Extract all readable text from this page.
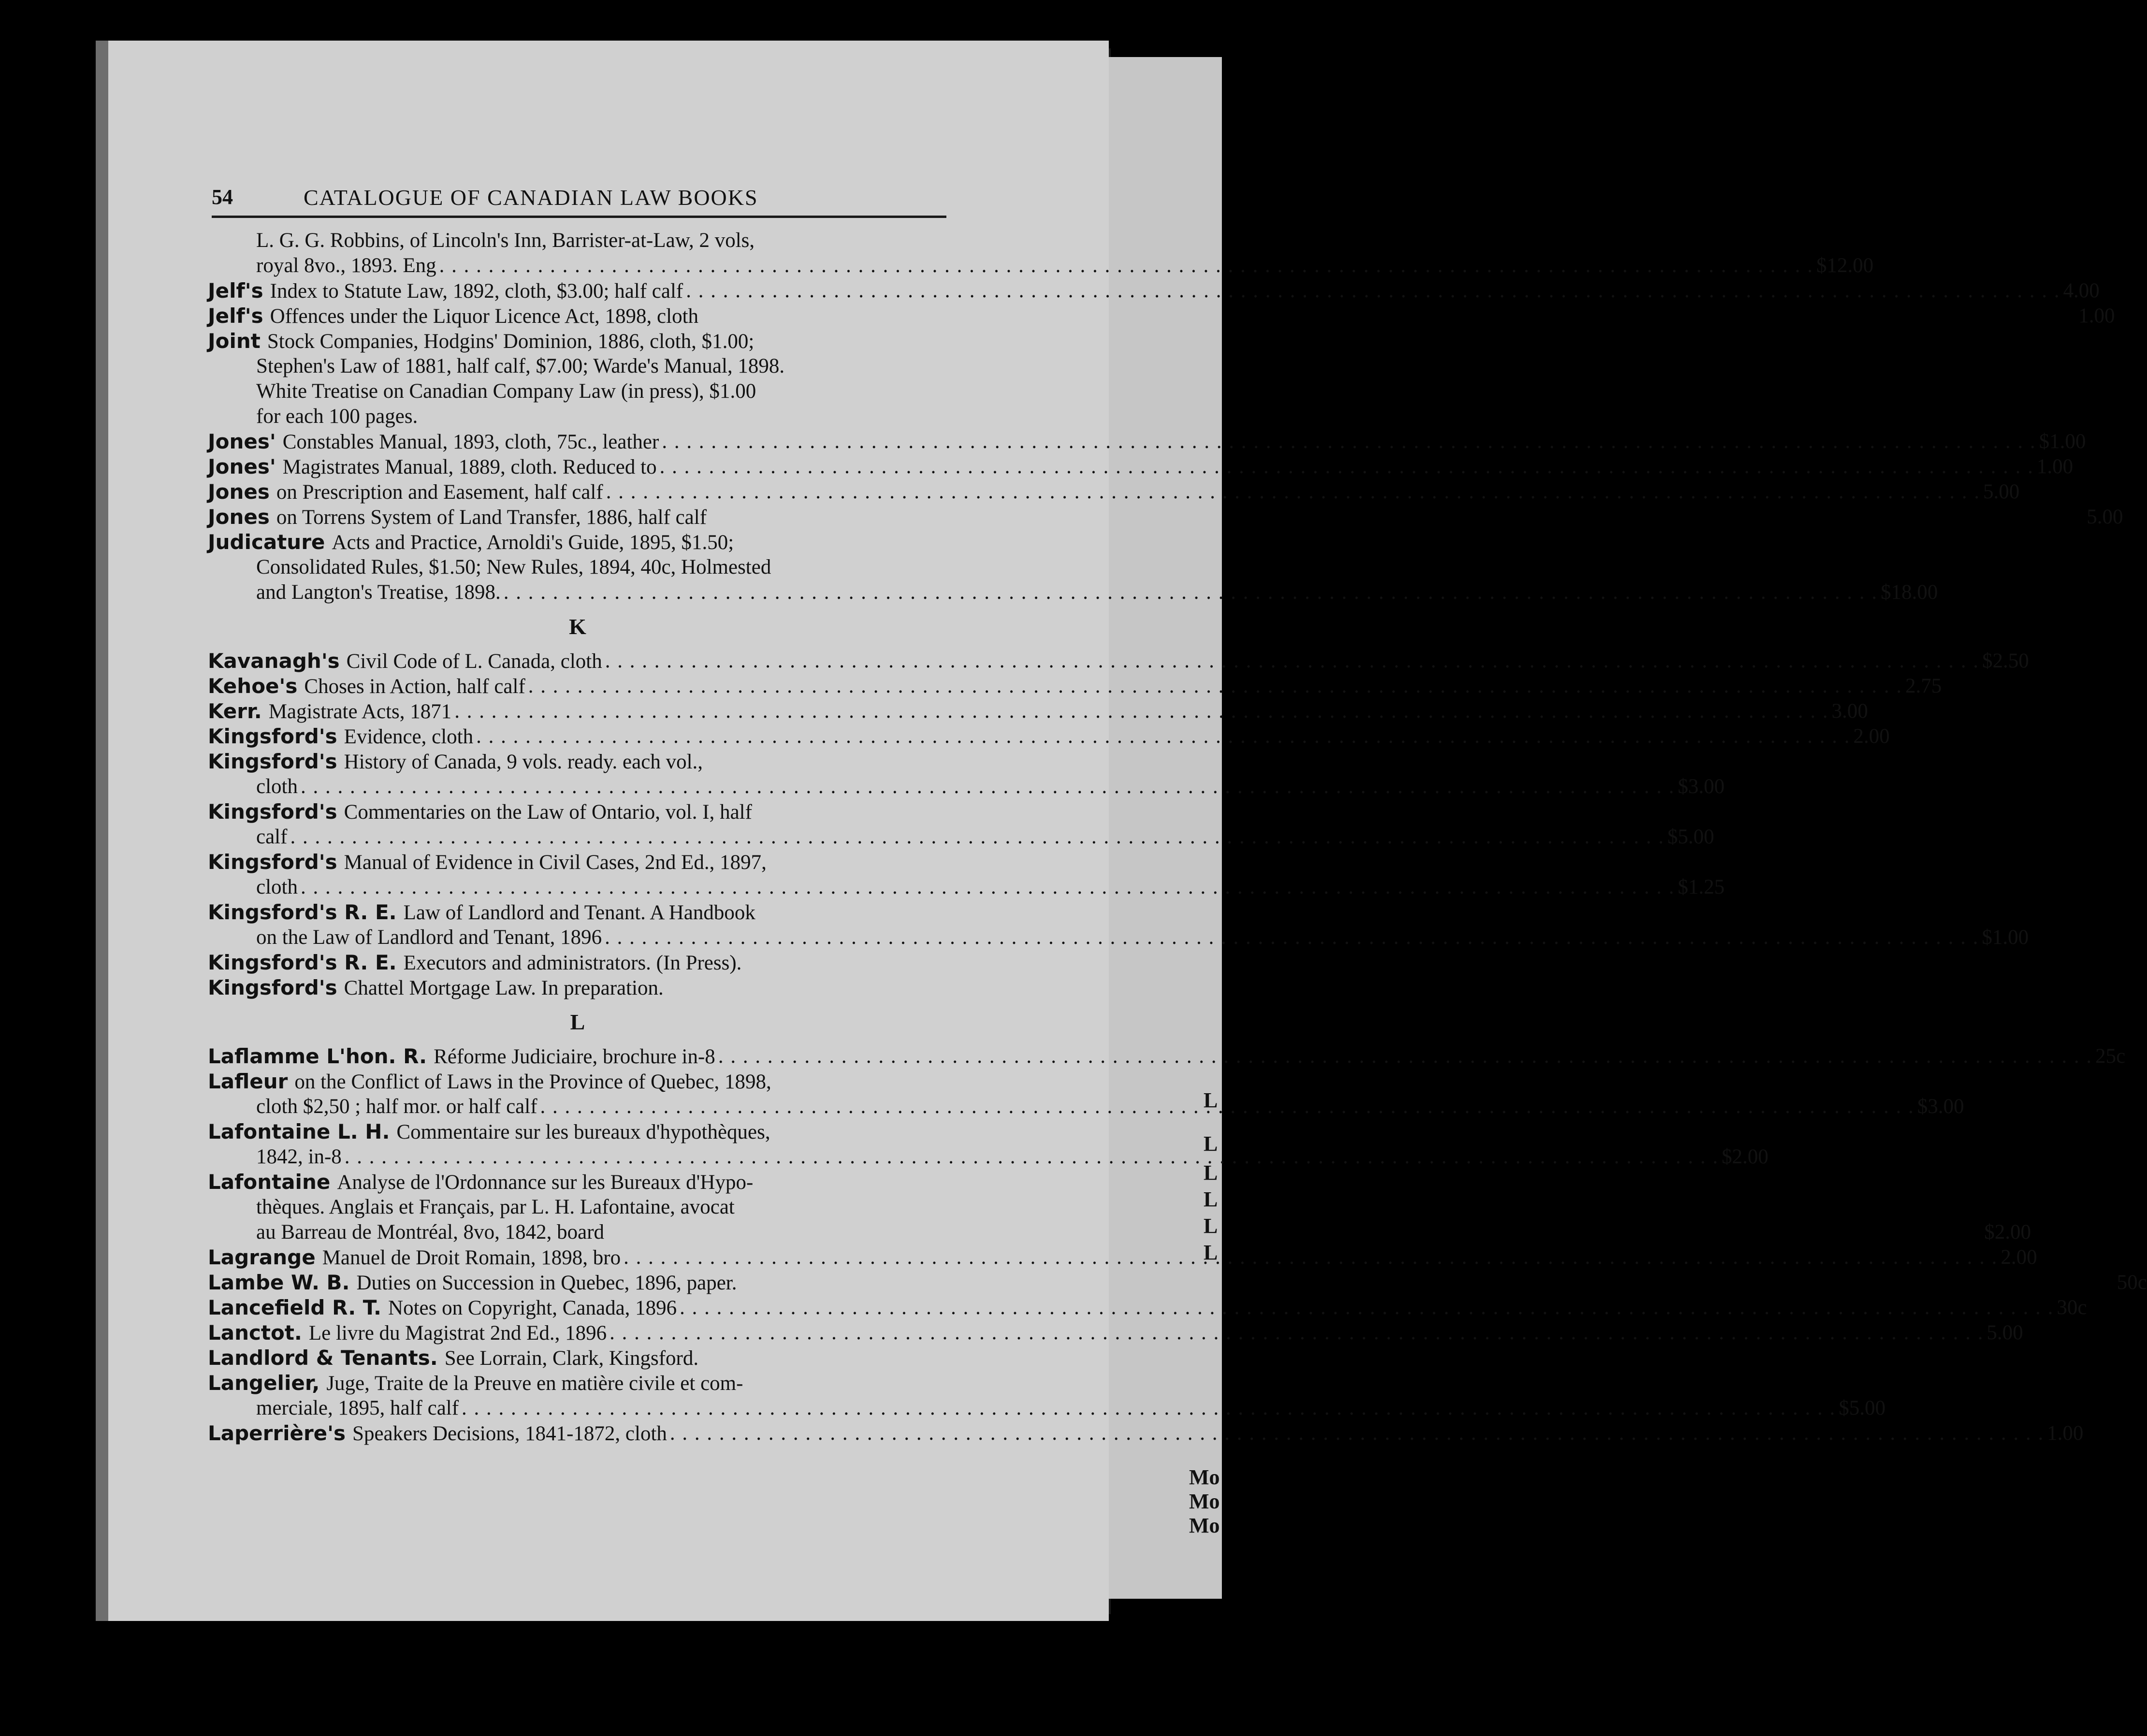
54	CATALOGUE OF CANADIAN LAW BOOKS
L. G. G. Robbins, of Lincoln's Inn, Barrister-at-Law, 2 vols,
royal 8vo., 1893. Eng . . .	$12.00
Jelf's Index to Statute Law, 1892, cloth, $3.00; half calf . . .	4.00
Jelf's Offences under the Liquor Licence Act, 1898, cloth	1.00
Joint Stock Companies, Hodgins' Dominion, 1886, cloth, $1.00;
Stephen's Law of 1881, half calf, $7.00; Warde's Manual, 1898.
White Treatise on Canadian Company Law (in press), $1.00
for each 100 pages.
Jones' Constables Manual, 1893, cloth, 75c., leather . . .	$1.00
Jones' Magistrates Manual, 1889, cloth. Reduced to . . .	1.00
Jones on Prescription and Easement, half calf . . .	5.00
Jones on Torrens System of Land Transfer, 1886, half calf	5.00
Judicature Acts and Practice, Arnoldi's Guide, 1895, $1.50;
Consolidated Rules, $1.50; New Rules, 1894, 40c, Holmested
and Langton's Treatise, 1898. . . .	$18.00
K
Kavanagh's Civil Code of L. Canada, cloth . . .	$2.50
Kehoe's Choses in Action, half calf . . .	2.75
Kerr. Magistrate Acts, 1871 . . .	3.00
Kingsford's Evidence, cloth . . .	2.00
Kingsford's History of Canada, 9 vols. ready. each vol.,
cloth . . .	$3.00
Kingsford's Commentaries on the Law of Ontario, vol. I, half
calf . . .	$5.00
Kingsford's Manual of Evidence in Civil Cases, 2nd Ed., 1897,
cloth . . .	$1.25
Kingsford's R. E. Law of Landlord and Tenant. A Handbook
on the Law of Landlord and Tenant, 1896 . . .	$1.00
Kingsford's R. E. Executors and administrators. (In Press).
Kingsford's Chattel Mortgage Law. In preparation.
L
Laflamme L'hon. R. Réforme Judiciaire, brochure in-8 . . .	25c
Lafleur on the Conflict of Laws in the Province of Quebec, 1898,
cloth $2,50 ; half mor. or half calf . . .	$3.00
Lafontaine L. H. Commentaire sur les bureaux d'hypothèques,
1842, in-8 . . .	$2.00
Lafontaine Analyse de l'Ordonnance sur les Bureaux d'Hypo-
thèques. Anglais et Français, par L. H. Lafontaine, avocat
au Barreau de Montréal, 8vo, 1842, board	$2.00
Lagrange Manuel de Droit Romain, 1898, bro . . .	2.00
Lambe W. B. Duties on Succession in Quebec, 1896, paper.	50c
Lancefield R. T. Notes on Copyright, Canada, 1896 . . .	30c
Lanctot. Le livre du Magistrat 2nd Ed., 1896 . . .	5.00
Landlord & Tenants. See Lorrain, Clark, Kingsford.
Langelier, Juge, Traite de la Preuve en matière civile et com-
merciale, 1895, half calf . . .	$5.00
Laperrière's Speakers Decisions, 1841-1872, cloth . . .	1.00
L
L
L
L
L
L
Mo
Mo
Mo
